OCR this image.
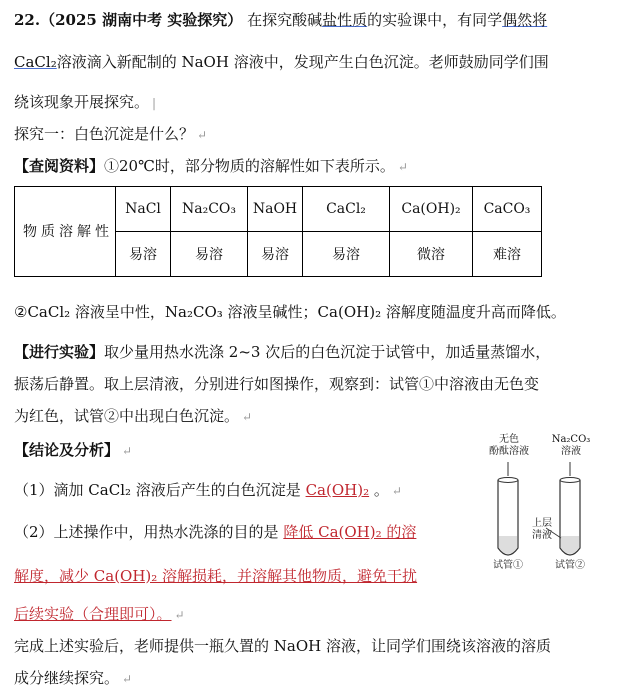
22.（2025 湖南中考 实验探究） 在探究酸碱盐性质的实验课中，有同学偶然将
CaCl₂溶液滴入新配制的 NaOH 溶液中，发现产生白色沉淀。老师鼓励同学们围
绕该现象开展探究。 |
探究一：白色沉淀是什么？ ↵
【查阅资料】①20℃时，部分物质的溶解性如下表所示。 ↵
物质溶解性	NaCl	Na₂CO₃	NaOH	CaCl₂	Ca(OH)₂	CaCO₃
	易溶	易溶	易溶	易溶	微溶	难溶
②CaCl₂ 溶液呈中性，Na₂CO₃ 溶液呈碱性；Ca(OH)₂ 溶解度随温度升高而降低。
【进行实验】取少量用热水洗涤 2~3 次后的白色沉淀于试管中，加适量蒸馏水，
振荡后静置。取上层清液，分别进行如图操作，观察到：试管①中溶液由无色变
为红色，试管②中出现白色沉淀。 ↵
【结论及分析】 ↵
（1）滴加 CaCl₂ 溶液后产生的白色沉淀是 Ca(OH)₂ 。 ↵
（2）上述操作中，用热水洗涤的目的是 降低 Ca(OH)₂ 的溶
解度，减少 Ca(OH)₂ 溶解损耗，并溶解其他物质，避免干扰
后续实验（合理即可）。 ↵
完成上述实验后，老师提供一瓶久置的 NaOH 溶液，让同学们围绕该溶液的溶质
成分继续探究。 ↵
无色
酚酞溶液
Na₂CO₃
溶液
上层
清液
试管①	试管②
